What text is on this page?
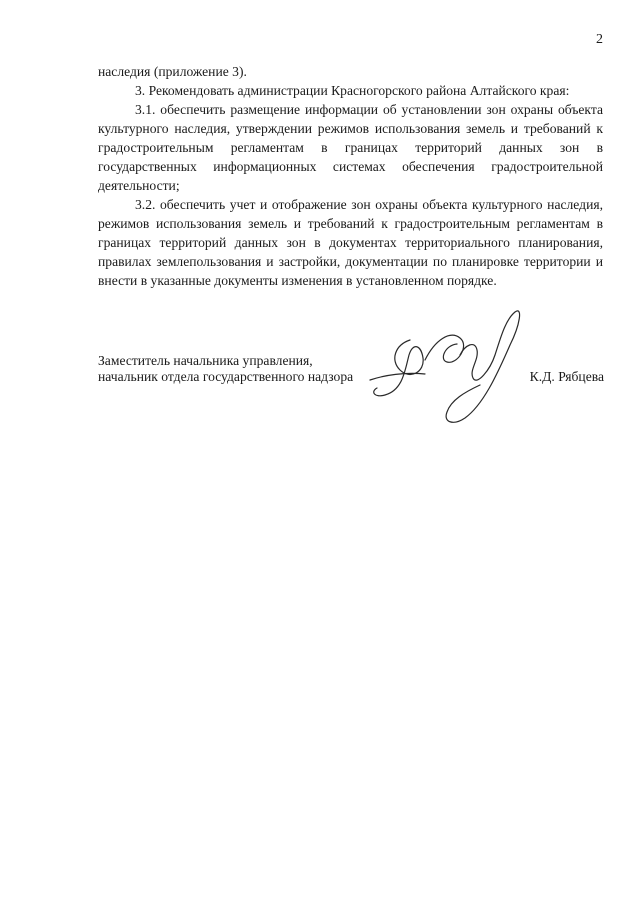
2

наследия (приложение 3).

3. Рекомендовать администрации Красногорского района Алтайского края:

3.1. обеспечить размещение информации об установлении зон охраны объекта культурного наследия, утверждении режимов использования земель и требований к градостроительным регламентам в границах территорий данных зон в государственных информационных системах обеспечения градостроительной деятельности;

3.2. обеспечить учет и отображение зон охраны объекта культурного наследия, режимов использования земель и требований к градостроительным регламентам в границах территорий данных зон в документах территориального планирования, правилах землепользования и застройки, документации по планировке территории и внести в указанные документы изменения в установленном порядке.

Заместитель начальника управления,
начальник отдела государственного надзора	К.Д. Рябцева
